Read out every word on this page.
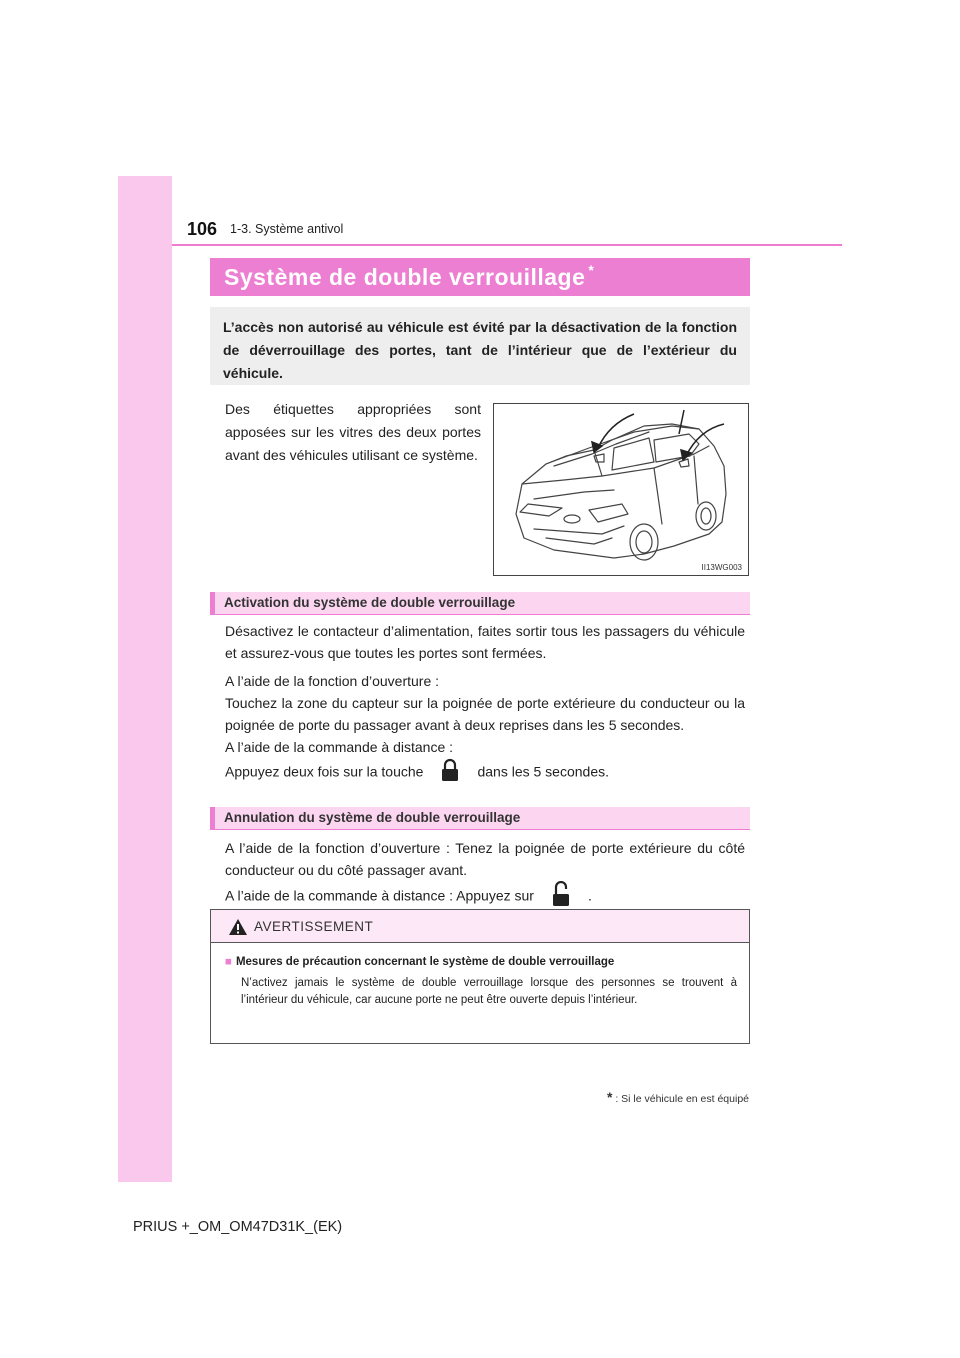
106 1-3. Système antivol
Système de double verrouillage *
L’accès non autorisé au véhicule est évité par la désactivation de la fonction de déverrouillage des portes, tant de l’intérieur que de l’extérieur du véhicule.
Des étiquettes appropriées sont apposées sur les vitres des deux portes avant des véhicules utilisant ce système.
II13WG003
Activation du système de double verrouillage

Désactivez le contacteur d’alimentation, faites sortir tous les passagers du véhicule et assurez-vous que toutes les portes sont fermées.

A l’aide de la fonction d’ouverture :

Touchez la zone du capteur sur la poignée de porte extérieure du conducteur ou la poignée de porte du passager avant à deux reprises dans les 5 secondes.

A l’aide de la commande à distance :

Appuyez deux fois sur la touche	dans les 5 secondes.

Annulation du système de double verrouillage

A l’aide de la fonction d’ouverture : Tenez la poignée de porte extérieure du côté conducteur ou du côté passager avant.

A l’aide de la commande à distance : Appuyez sur	.

AVERTISSEMENT
■ Mesures de précaution concernant le système de double verrouillage
N’activez jamais le système de double verrouillage lorsque des personnes se trouvent à l’intérieur du véhicule, car aucune porte ne peut être ouverte depuis l’intérieur.
* : Si le véhicule en est équipé
PRIUS +_OM_OM47D31K_(EK)
